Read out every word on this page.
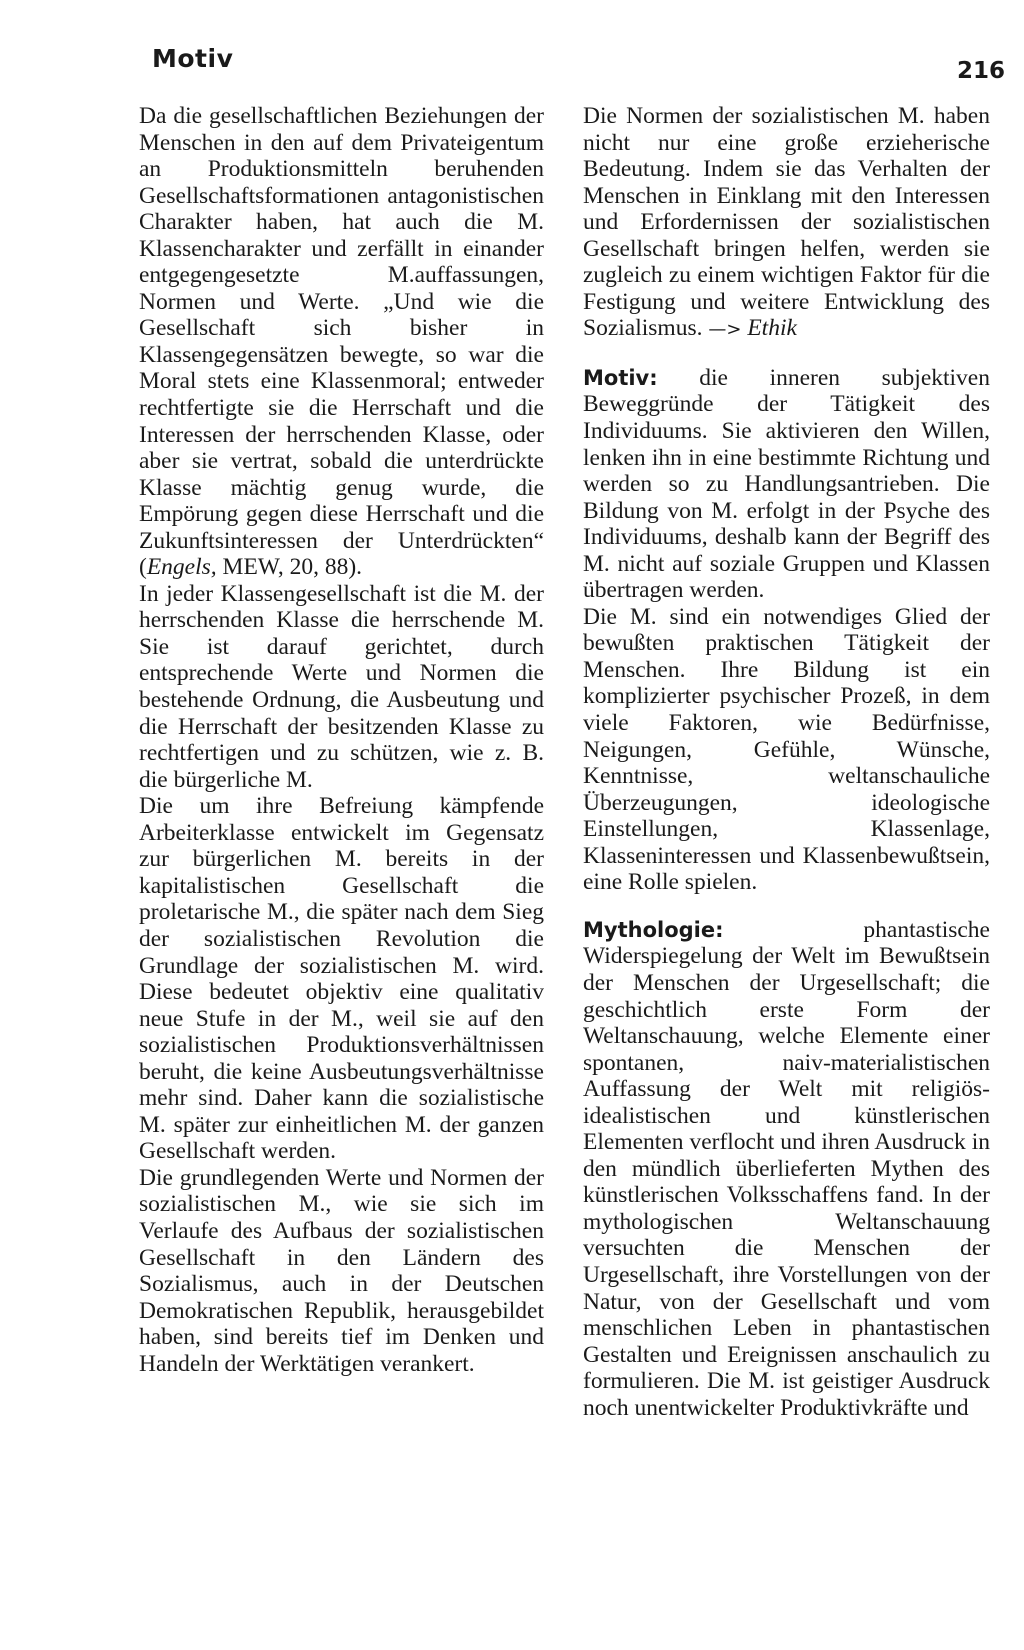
Motiv	216

Da die gesellschaftlichen Beziehungen der Menschen in den auf dem Privateigentum an Produktionsmitteln beruhenden Gesellschaftsformationen antagonistischen Charakter haben, hat auch die M. Klassencharakter und zerfällt in einander entgegengesetzte M.auffassungen, Normen und Werte. „Und wie die Gesellschaft sich bisher in Klassengegensätzen bewegte, so war die Moral stets eine Klassenmoral; entweder rechtfertigte sie die Herrschaft und die Interessen der herrschenden Klasse, oder aber sie vertrat, sobald die unterdrückte Klasse mächtig genug wurde, die Empörung gegen diese Herrschaft und die Zukunftsinteressen der Unterdrückten“ (Engels, MEW, 20, 88).

In jeder Klassengesellschaft ist die M. der herrschenden Klasse die herrschende M. Sie ist darauf gerichtet, durch entsprechende Werte und Normen die bestehende Ordnung, die Ausbeutung und die Herrschaft der besitzenden Klasse zu rechtfertigen und zu schützen, wie z. B. die bürgerliche M.

Die um ihre Befreiung kämpfende Arbeiterklasse entwickelt im Gegensatz zur bürgerlichen M. bereits in der kapitalistischen Gesellschaft die proletarische M., die später nach dem Sieg der sozialistischen Revolution die Grundlage der sozialistischen M. wird. Diese bedeutet objektiv eine qualitativ neue Stufe in der M., weil sie auf den sozialistischen Produktionsverhältnissen beruht, die keine Ausbeutungsverhältnisse mehr sind. Daher kann die sozialistische M. später zur einheitlichen M. der ganzen Gesellschaft werden.

Die grundlegenden Werte und Normen der sozialistischen M., wie sie sich im Verlaufe des Aufbaus der sozialistischen Gesellschaft in den Ländern des Sozialismus, auch in der Deutschen Demokratischen Republik, herausgebildet haben, sind bereits tief im Denken und Handeln der Werktätigen verankert.

Die Normen der sozialistischen M. haben nicht nur eine große erzieherische Bedeutung. Indem sie das Verhalten der Menschen in Einklang mit den Interessen und Erfordernissen der sozialistischen Gesellschaft bringen helfen, werden sie zugleich zu einem wichtigen Faktor für die Festigung und weitere Entwicklung des Sozialismus. —> Ethik

Motiv: die inneren subjektiven Beweggründe der Tätigkeit des Individuums. Sie aktivieren den Willen, lenken ihn in eine bestimmte Richtung und werden so zu Handlungsantrieben. Die Bildung von M. erfolgt in der Psyche des Individuums, deshalb kann der Begriff des M. nicht auf soziale Gruppen und Klassen übertragen werden.

Die M. sind ein notwendiges Glied der bewußten praktischen Tätigkeit der Menschen. Ihre Bildung ist ein komplizierter psychischer Prozeß, in dem viele Faktoren, wie Bedürfnisse, Neigungen, Gefühle, Wünsche, Kenntnisse, weltanschauliche Überzeugungen, ideologische Einstellungen, Klassenlage, Klasseninteressen und Klassenbewußtsein, eine Rolle spielen.

Mythologie: phantastische Widerspiegelung der Welt im Bewußtsein der Menschen der Urgesellschaft; die geschichtlich erste Form der Weltanschauung, welche Elemente einer spontanen, naiv-materialistischen Auffassung der Welt mit religiös-idealistischen und künstlerischen Elementen verflocht und ihren Ausdruck in den mündlich überlieferten Mythen des künstlerischen Volksschaffens fand. In der mythologischen Weltanschauung versuchten die Menschen der Urgesellschaft, ihre Vorstellungen von der Natur, von der Gesellschaft und vom menschlichen Leben in phantastischen Gestalten und Ereignissen anschaulich zu formulieren. Die M. ist geistiger Ausdruck noch unentwickelter Produktivkräfte und
